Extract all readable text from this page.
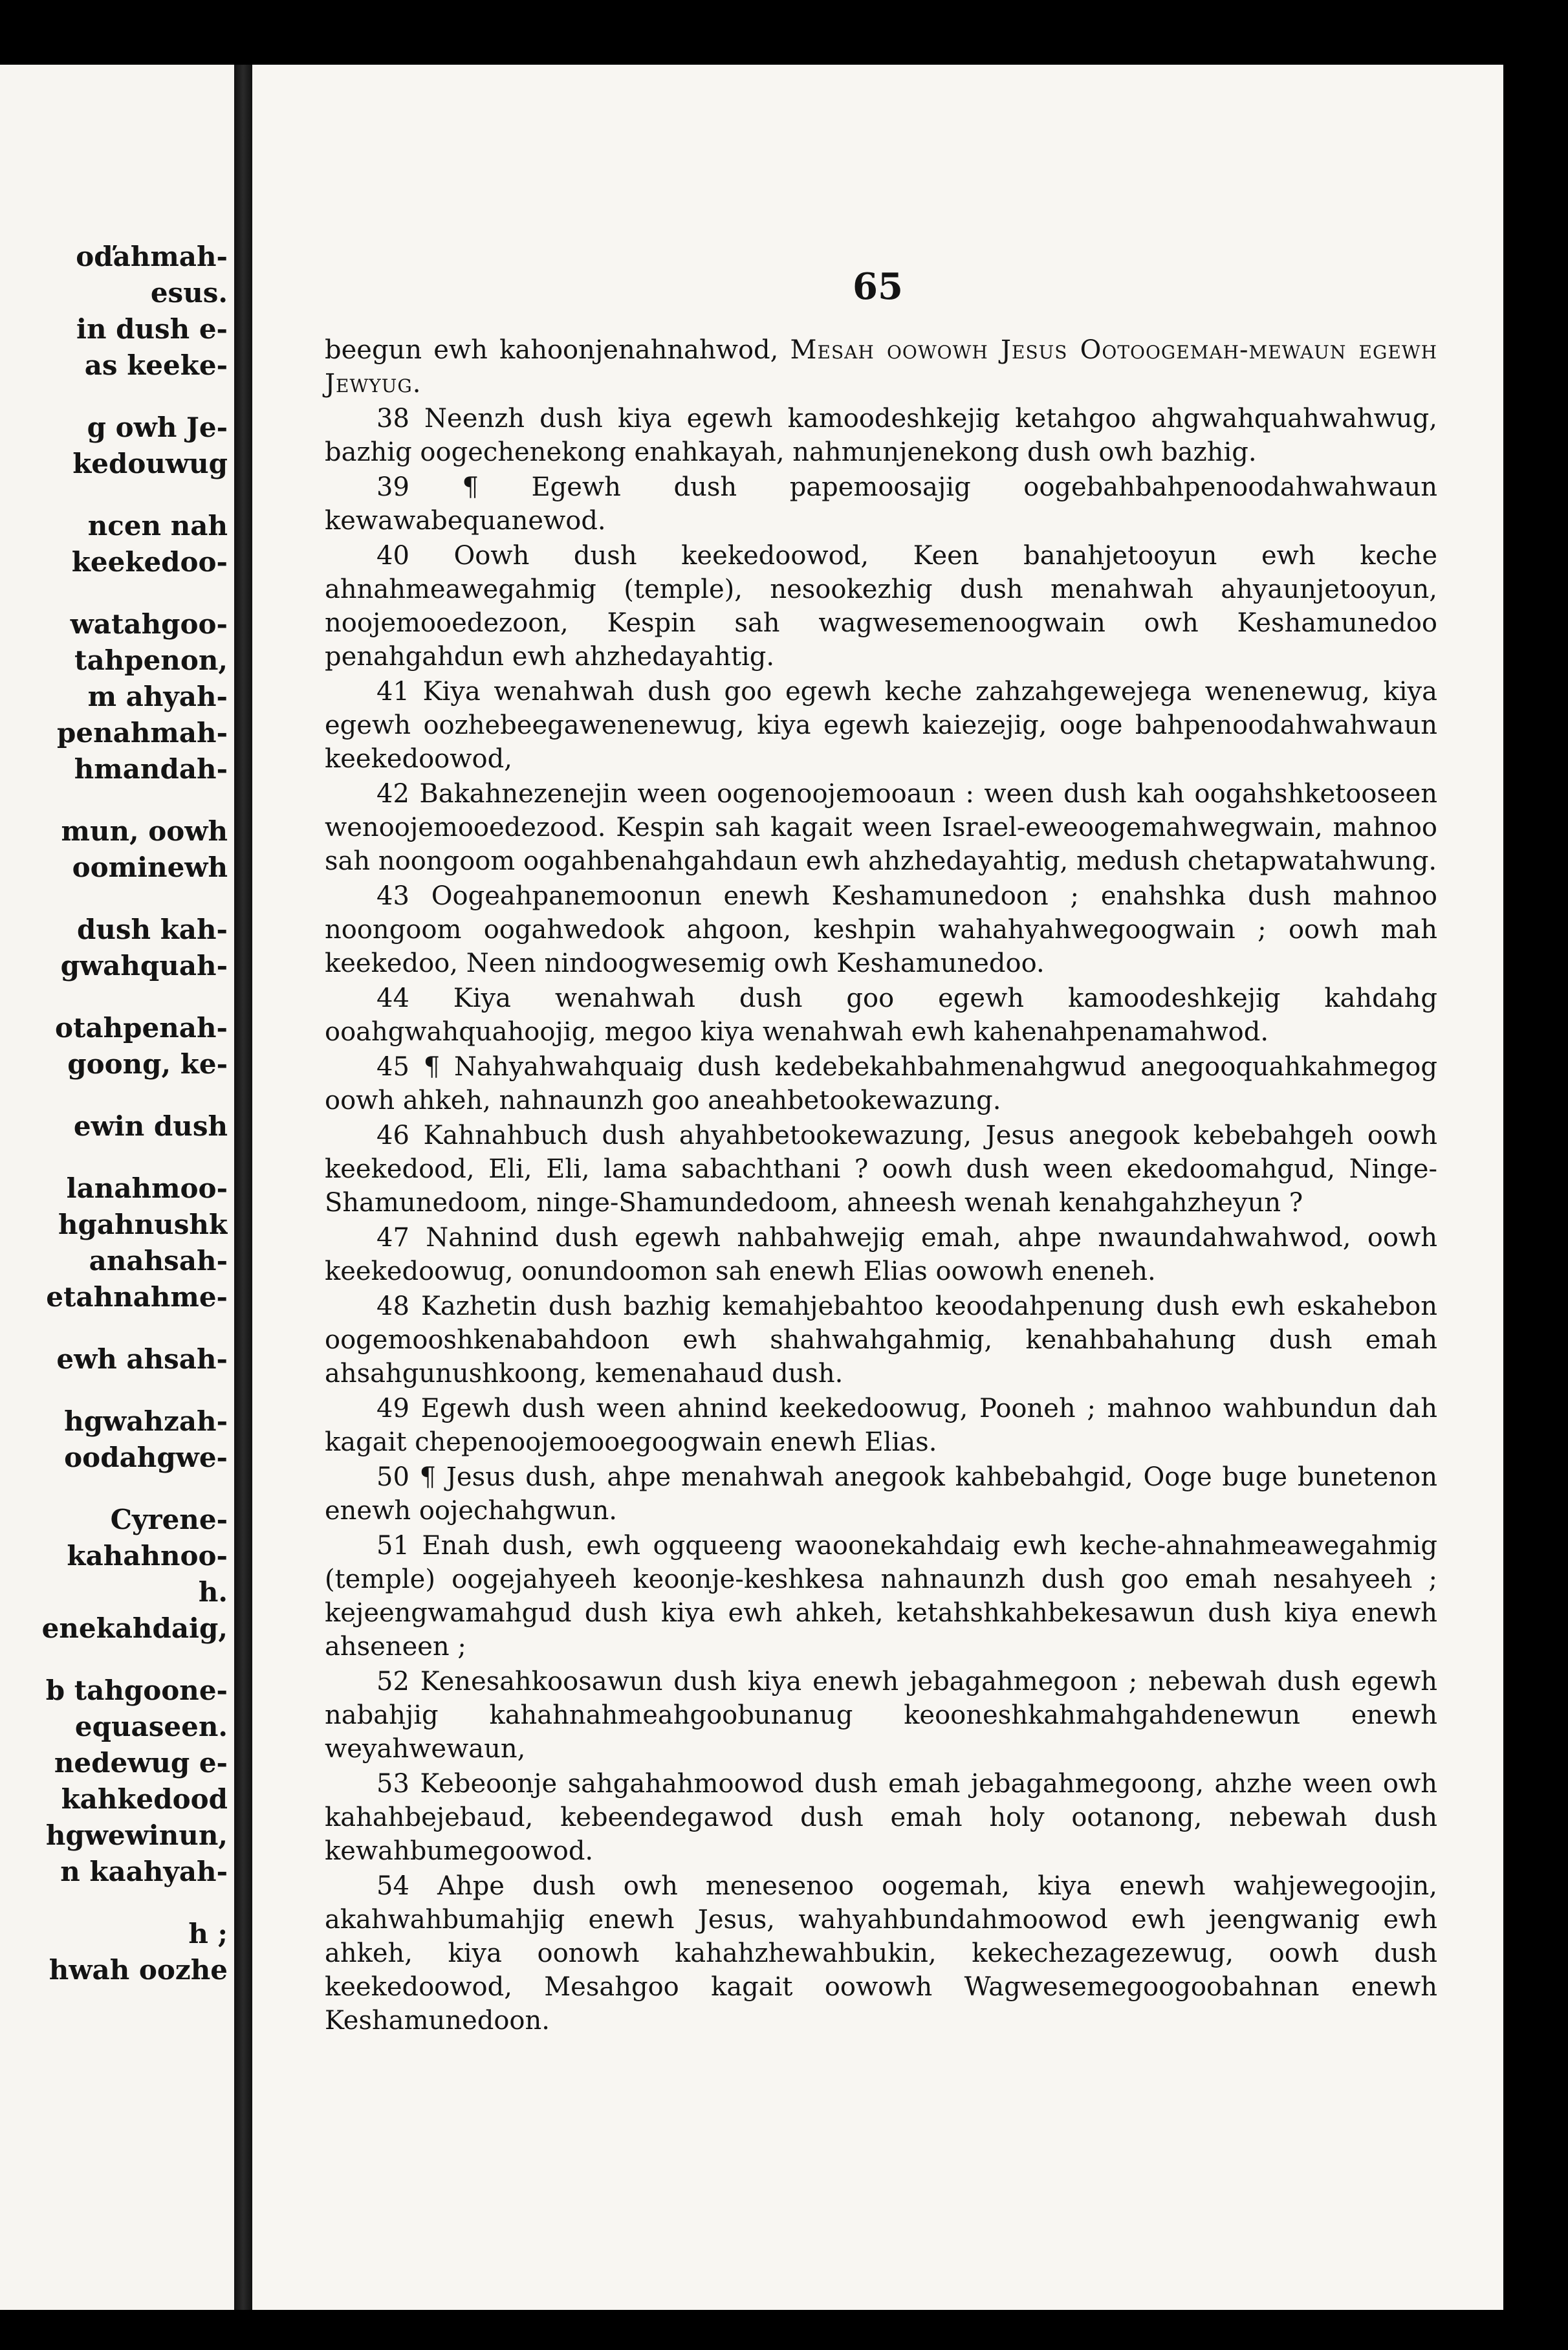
oďahmah-
esus.
in dush e-
as keeke-
g owh Je-
kedouwug
ncen nah
keekedoo-
watahgoo-
tahpenon,
m ahyah-
penahmah-
hmandah-
mun, oowh
oominewh
dush kah-
gwahquah-
otahpenah-
goong, ke-
ewin dush
lanahmoo-
hgahnushk
anahsah-
etahnahme-
ewh ahsah-
hgwahzah-
oodahgwe-
Cyrene-
kahahnoo-
h.
enekahdaig,
b tahgoone-
equaseen.
nedewug e-
kahkedood
hgwewinun,
n kaahyah-
h ;
hwah oozhe
65

beegun ewh kahoonjenahnahwod, Mesah oowowh Jesus Ootoogemah-mewaun egewh Jewyug.

38 Neenzh dush kiya egewh kamoodeshkejig ketahgoo ahgwahquahwahwug, bazhig oogechenekong enahkayah, nahmunjenekong dush owh bazhig.

39 ¶ Egewh dush papemoosajig oogebahbahpenoodahwahwaun kewawabequanewod.

40 Oowh dush keekedoowod, Keen banahjetooyun ewh keche ahnahmeawegahmig (temple), nesookezhig dush menahwah ahyaunjetooyun, noojemooedezoon, Kespin sah wagwesemenoogwain owh Keshamunedoo penahgahdun ewh ahzhedayahtig.

41 Kiya wenahwah dush goo egewh keche zahzahgewejega wenenewug, kiya egewh oozhebeegawenenewug, kiya egewh kaiezejig, ooge bahpenoodahwahwaun keekedoowod,

42 Bakahnezenejin ween oogenoojemooaun : ween dush kah oogahshketooseen wenoojemooedezood. Kespin sah kagait ween Israel-eweoogemahwegwain, mahnoo sah noongoom oogahbenahgahdaun ewh ahzhedayahtig, medush chetapwatahwung.

43 Oogeahpanemoonun enewh Keshamunedoon ; enahshka dush mahnoo noongoom oogahwedook ahgoon, keshpin wahahyahwegoogwain ; oowh mah keekedoo, Neen nindoogwesemig owh Keshamunedoo.

44 Kiya wenahwah dush goo egewh kamoodeshkejig kahdahg ooahgwahquahoojig, megoo kiya wenahwah ewh kahenahpenamahwod.

45 ¶ Nahyahwahquaig dush kedebekahbahmenahgwud anegooquahkahmegog oowh ahkeh, nahnaunzh goo aneahbetookewazung.

46 Kahnahbuch dush ahyahbetookewazung, Jesus anegook kebebahgeh oowh keekedood, Eli, Eli, lama sabachthani ? oowh dush ween ekedoomahgud, Ninge-Shamunedoom, ninge-Shamundedoom, ahneesh wenah kenahgahzheyun ?

47 Nahnind dush egewh nahbahwejig emah, ahpe nwaundahwahwod, oowh keekedoowug, oonundoomon sah enewh Elias oowowh eneneh.

48 Kazhetin dush bazhig kemahjebahtoo keoodahpenung dush ewh eskahebon oogemooshkenabahdoon ewh shahwahgahmig, kenahbahahung dush emah ahsahgunushkoong, kemenahaud dush.

49 Egewh dush ween ahnind keekedoowug, Pooneh ; mahnoo wahbundun dah kagait chepenoojemooegoogwain enewh Elias.

50 ¶ Jesus dush, ahpe menahwah anegook kahbebahgid, Ooge buge bunetenon enewh oojechahgwun.

51 Enah dush, ewh ogqueeng waoonekahdaig ewh keche-ahnahmeawegahmig (temple) oogejahyeeh keoonje-keshkesa nahnaunzh dush goo emah nesahyeeh ; kejeengwamahgud dush kiya ewh ahkeh, ketahshkahbekesawun dush kiya enewh ahseneen ;

52 Kenesahkoosawun dush kiya enewh jebagahmegoon ; nebewah dush egewh nabahjig kahahnahmeahgoobunanug keooneshkahmahgahdenewun enewh weyahwewaun,

53 Kebeoonje sahgahahmoowod dush emah jebagahmegoong, ahzhe ween owh kahahbejebaud, kebeendegawod dush emah holy ootanong, nebewah dush kewahbumegoowod.

54 Ahpe dush owh menesenoo oogemah, kiya enewh wahjewegoojin, akahwahbumahjig enewh Jesus, wahyahbundahmoowod ewh jeengwanig ewh ahkeh, kiya oonowh kahahzhewahbukin, kekechezagezewug, oowh dush keekedoowod, Mesahgoo kagait oowowh Wagwesemegoogoobahnan enewh Keshamunedoon.
